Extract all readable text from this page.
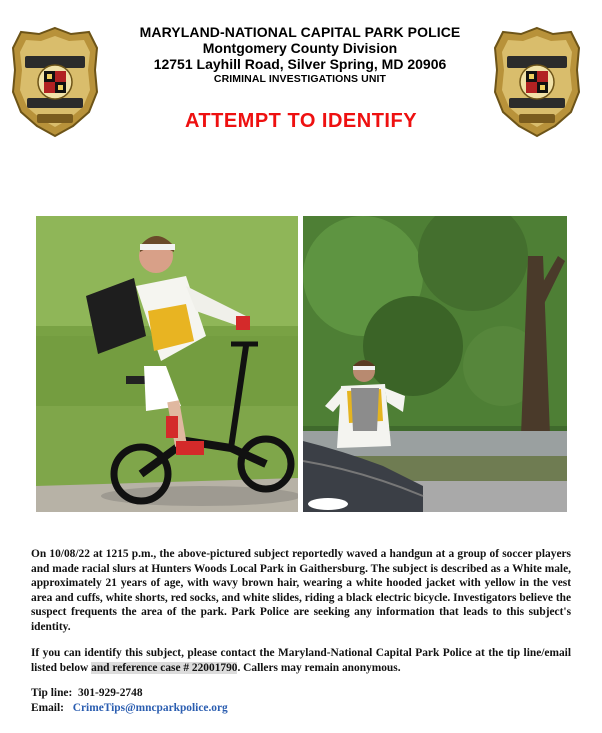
MARYLAND-NATIONAL CAPITAL PARK POLICE
Montgomery County Division
12751 Layhill Road, Silver Spring, MD 20906
CRIMINAL INVESTIGATIONS UNIT
ATTEMPT TO IDENTIFY
On 10/08/22 at 1215 p.m., the above-pictured subject reportedly waved a handgun at a group of soccer players and made racial slurs at Hunters Woods Local Park in Gaithersburg. The subject is described as a White male, approximately 21 years of age, with wavy brown hair, wearing a white hooded jacket with yellow in the vest area and cuffs, white shorts, red socks, and white slides, riding a black electric bicycle. Investigators believe the suspect frequents the area of the park. Park Police are seeking any information that leads to this subject's identity.
If you can identify this subject, please contact the Maryland-National Capital Park Police at the tip line/email listed below and reference case # 22001790. Callers may remain anonymous.
Tip line: 301-929-2748
Email: CrimeTips@mncparkpolice.org
